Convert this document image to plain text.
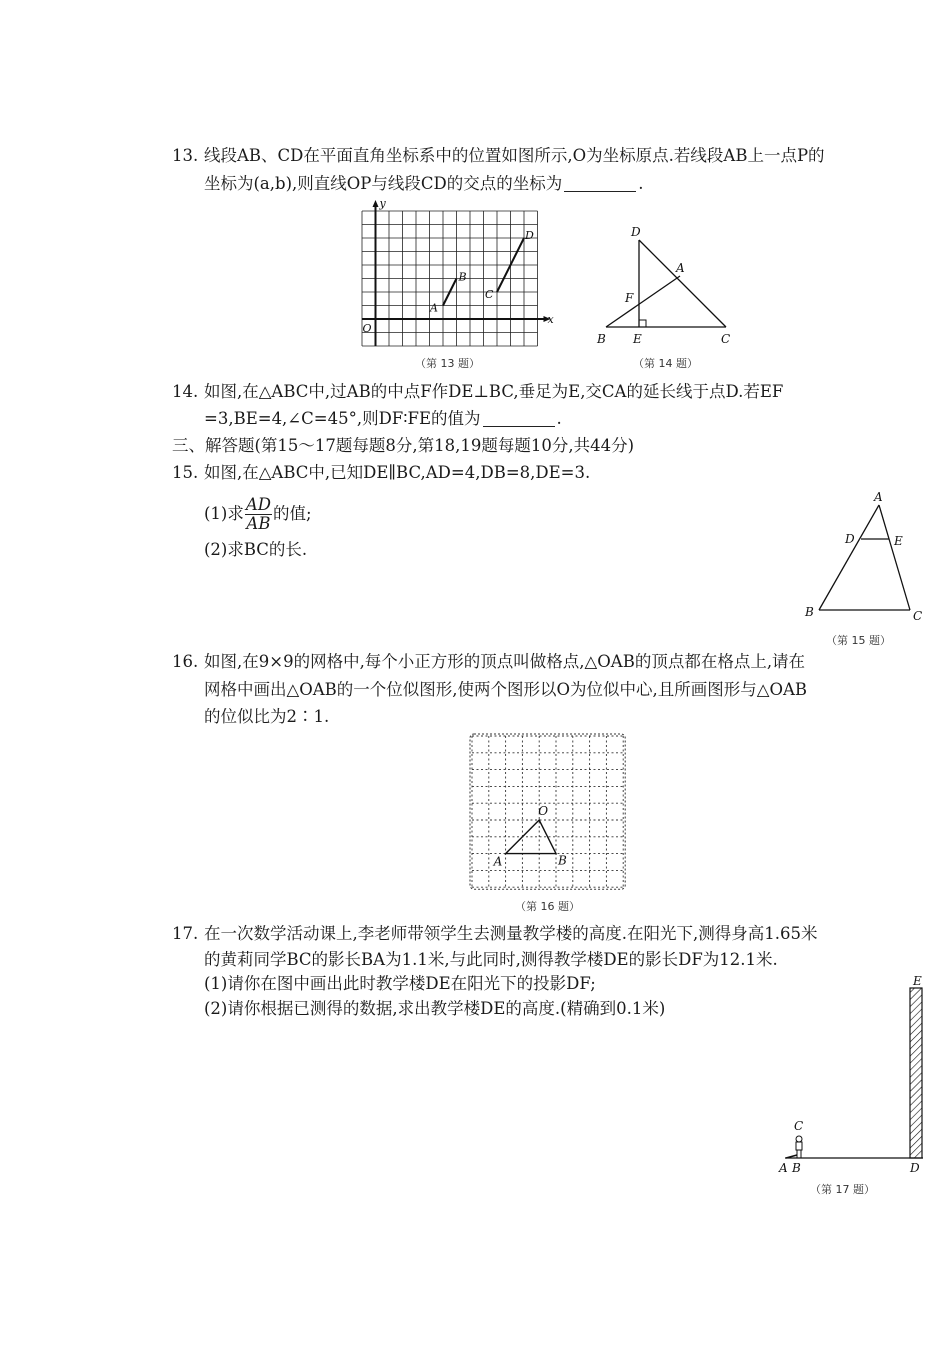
13. 线段AB、CD在平面直角坐标系中的位置如图所示,O为坐标原点.若线段AB上一点P的
坐标为(a,b),则直线OP与线段CD的交点的坐标为	.
y
x
O
A
B
C
D
（第 13 题）
D
A
F
B E	C
（第 14 题）
14. 如图,在△ABC中,过AB的中点F作DE⊥BC,垂足为E,交CA的延长线于点D.若EF
=3,BE=4,∠C=45°,则DF∶FE的值为	.
三、解答题(第15～17题每题8分,第18,19题每题10分,共44分)
15. 如图,在△ABC中,已知DE∥BC,AD=4,DB=8,DE=3.
(1)求 $\frac{AD}{AB}$ 的值;
(2)求BC的长.
A
D	E
B	C
（第 15 题）
16. 如图,在9×9的网格中,每个小正方形的顶点叫做格点,△OAB的顶点都在格点上,请在
网格中画出△OAB的一个位似图形,使两个图形以O为位似中心,且所画图形与△OAB
的位似比为2∶1.
O
A	B
（第 16 题）
17. 在一次数学活动课上,李老师带领学生去测量教学楼的高度.在阳光下,测得身高1.65米
的黄莉同学BC的影长BA为1.1米,与此同时,测得教学楼DE的影长DF为12.1米.
(1)请你在图中画出此时教学楼DE在阳光下的投影DF;
(2)请你根据已测得的数据,求出教学楼DE的高度.(精确到0.1米)
E
C
A B	D
（第 17 题）
